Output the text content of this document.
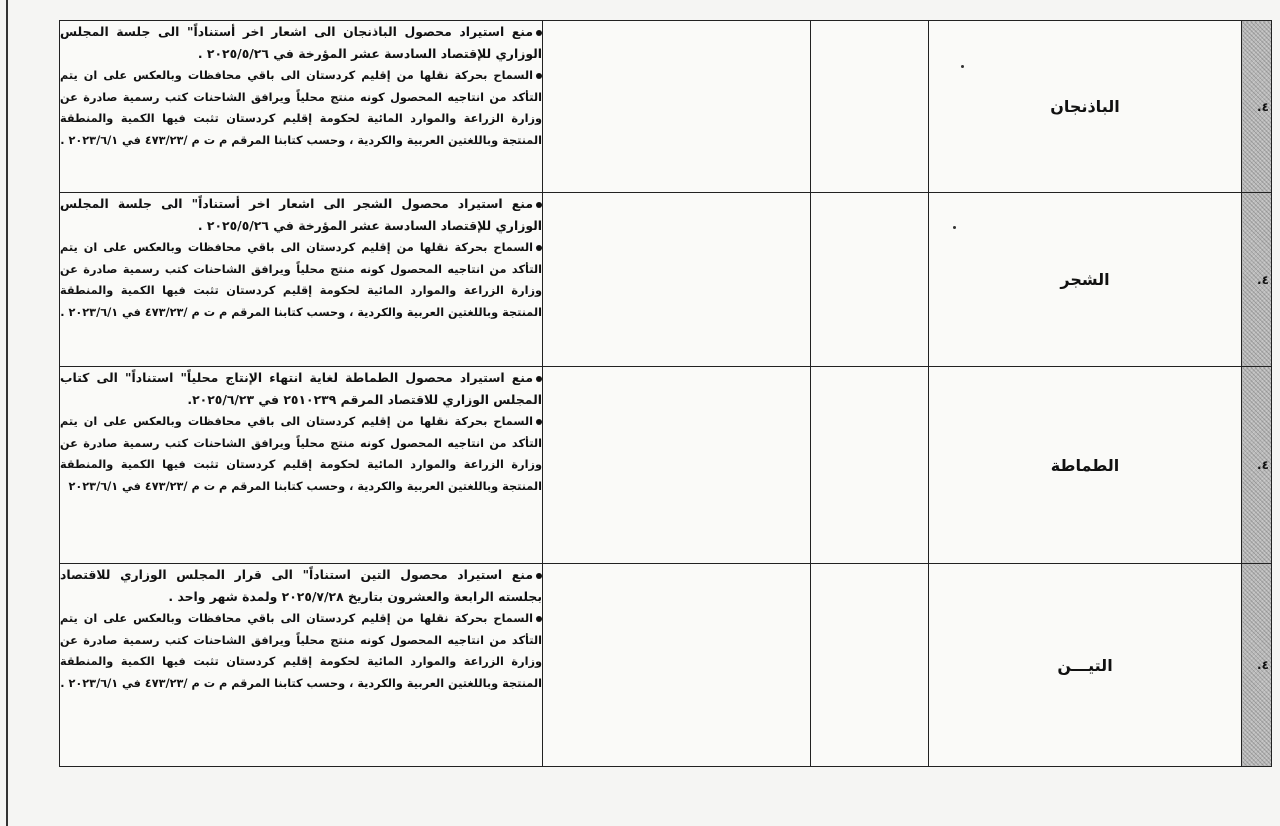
منع استيراد محصول الباذنجان الى اشعار اخر أستناداً" الى جلسة المجلس الوزاري للإقتصاد السادسة عشر المؤرخة في ٢٠٢٥/٥/٢٦ .

السماح بحركة نقلها من إقليم كردستان الى باقي محافظات وبالعكس على ان يتم التأكد من انتاجيه المحصول كونه منتج محلياً ويرافق الشاحنات كتب رسمية صادرة عن وزارة الزراعة والموارد المائية لحكومة إقليم كردستان تثبت فيها الكمية والمنطقة المنتجة وباللغتين العربية والكردية ، وحسب كتابنا المرقم م ت م /٤٧٣/٢٣ في ٢٠٢٣/٦/١ .			الباذنجان	.٤

منع استيراد محصول الشجر الى اشعار اخر أستناداً" الى جلسة المجلس الوزاري للإقتصاد السادسة عشر المؤرخة في ٢٠٢٥/٥/٢٦ .

السماح بحركة نقلها من إقليم كردستان الى باقي محافظات وبالعكس على ان يتم التأكد من انتاجيه المحصول كونه منتج محلياً ويرافق الشاحنات كتب رسمية صادرة عن وزارة الزراعة والموارد المائية لحكومة إقليم كردستان تثبت فيها الكمية والمنطقة المنتجة وباللغتين العربية والكردية ، وحسب كتابنا المرقم م ت م /٤٧٣/٢٣ في ٢٠٢٣/٦/١ .			الشجر	.٤

منع استيراد محصول الطماطة لغاية انتهاء الإنتاج محلياً" استناداً" الى كتاب المجلس الوزاري للاقتصاد المرقم ٢٥١٠٢٣٩ في ٢٠٢٥/٦/٢٣.

السماح بحركة نقلها من إقليم كردستان الى باقي محافظات وبالعكس على ان يتم التأكد من انتاجيه المحصول كونه منتج محلياً ويرافق الشاحنات كتب رسمية صادرة عن وزارة الزراعة والموارد المائية لحكومة إقليم كردستان تثبت فيها الكمية والمنطقة المنتجة وباللغتين العربية والكردية ، وحسب كتابنا المرقم م ت م /٤٧٣/٢٣ في ٢٠٢٣/٦/١			الطماطة	.٤

منع استيراد محصول التين استناداً" الى قرار المجلس الوزاري للاقتصاد بجلسته الرابعة والعشرون بتاريخ ٢٠٢٥/٧/٢٨ ولمدة شهر واحد .

السماح بحركة نقلها من إقليم كردستان الى باقي محافظات وبالعكس على ان يتم التأكد من انتاجيه المحصول كونه منتج محلياً ويرافق الشاحنات كتب رسمية صادرة عن وزارة الزراعة والموارد المائية لحكومة إقليم كردستان تثبت فيها الكمية والمنطقة المنتجة وباللغتين العربية والكردية ، وحسب كتابنا المرقم م ت م /٤٧٣/٢٣ في ٢٠٢٣/٦/١ .			التيـــن	.٤
